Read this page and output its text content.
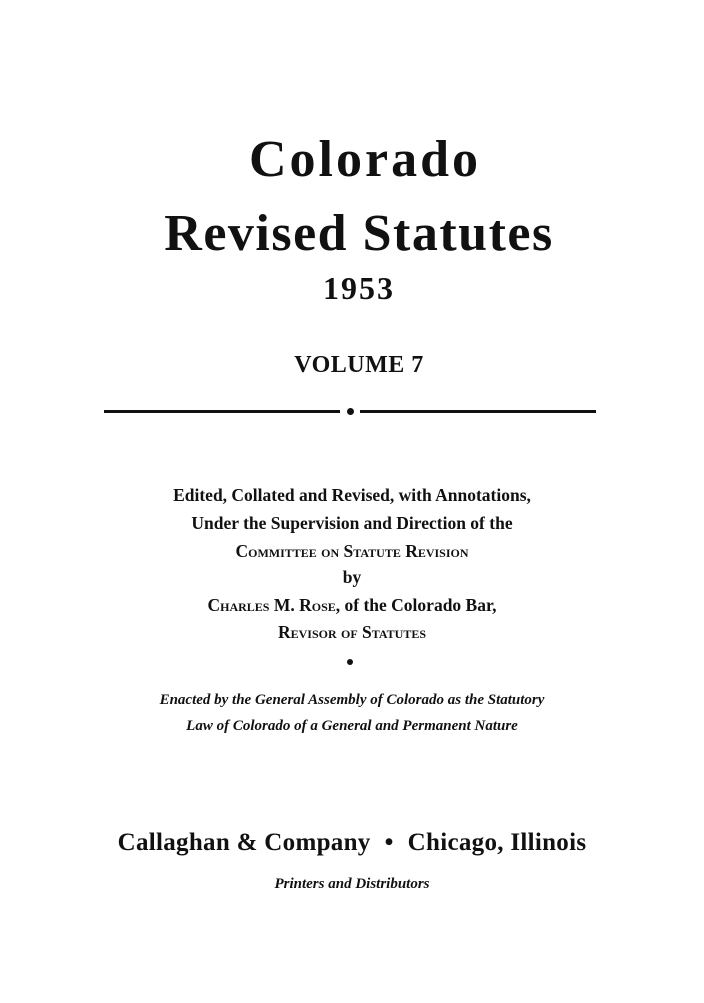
Colorado
Revised Statutes
1953
VOLUME 7
Edited, Collated and Revised, with Annotations,
Under the Supervision and Direction of the
Committee on Statute Revision
by
Charles M. Rose, of the Colorado Bar,
Revisor of Statutes
Enacted by the General Assembly of Colorado as the Statutory
Law of Colorado of a General and Permanent Nature
Callaghan & Company • Chicago, Illinois
Printers and Distributors
